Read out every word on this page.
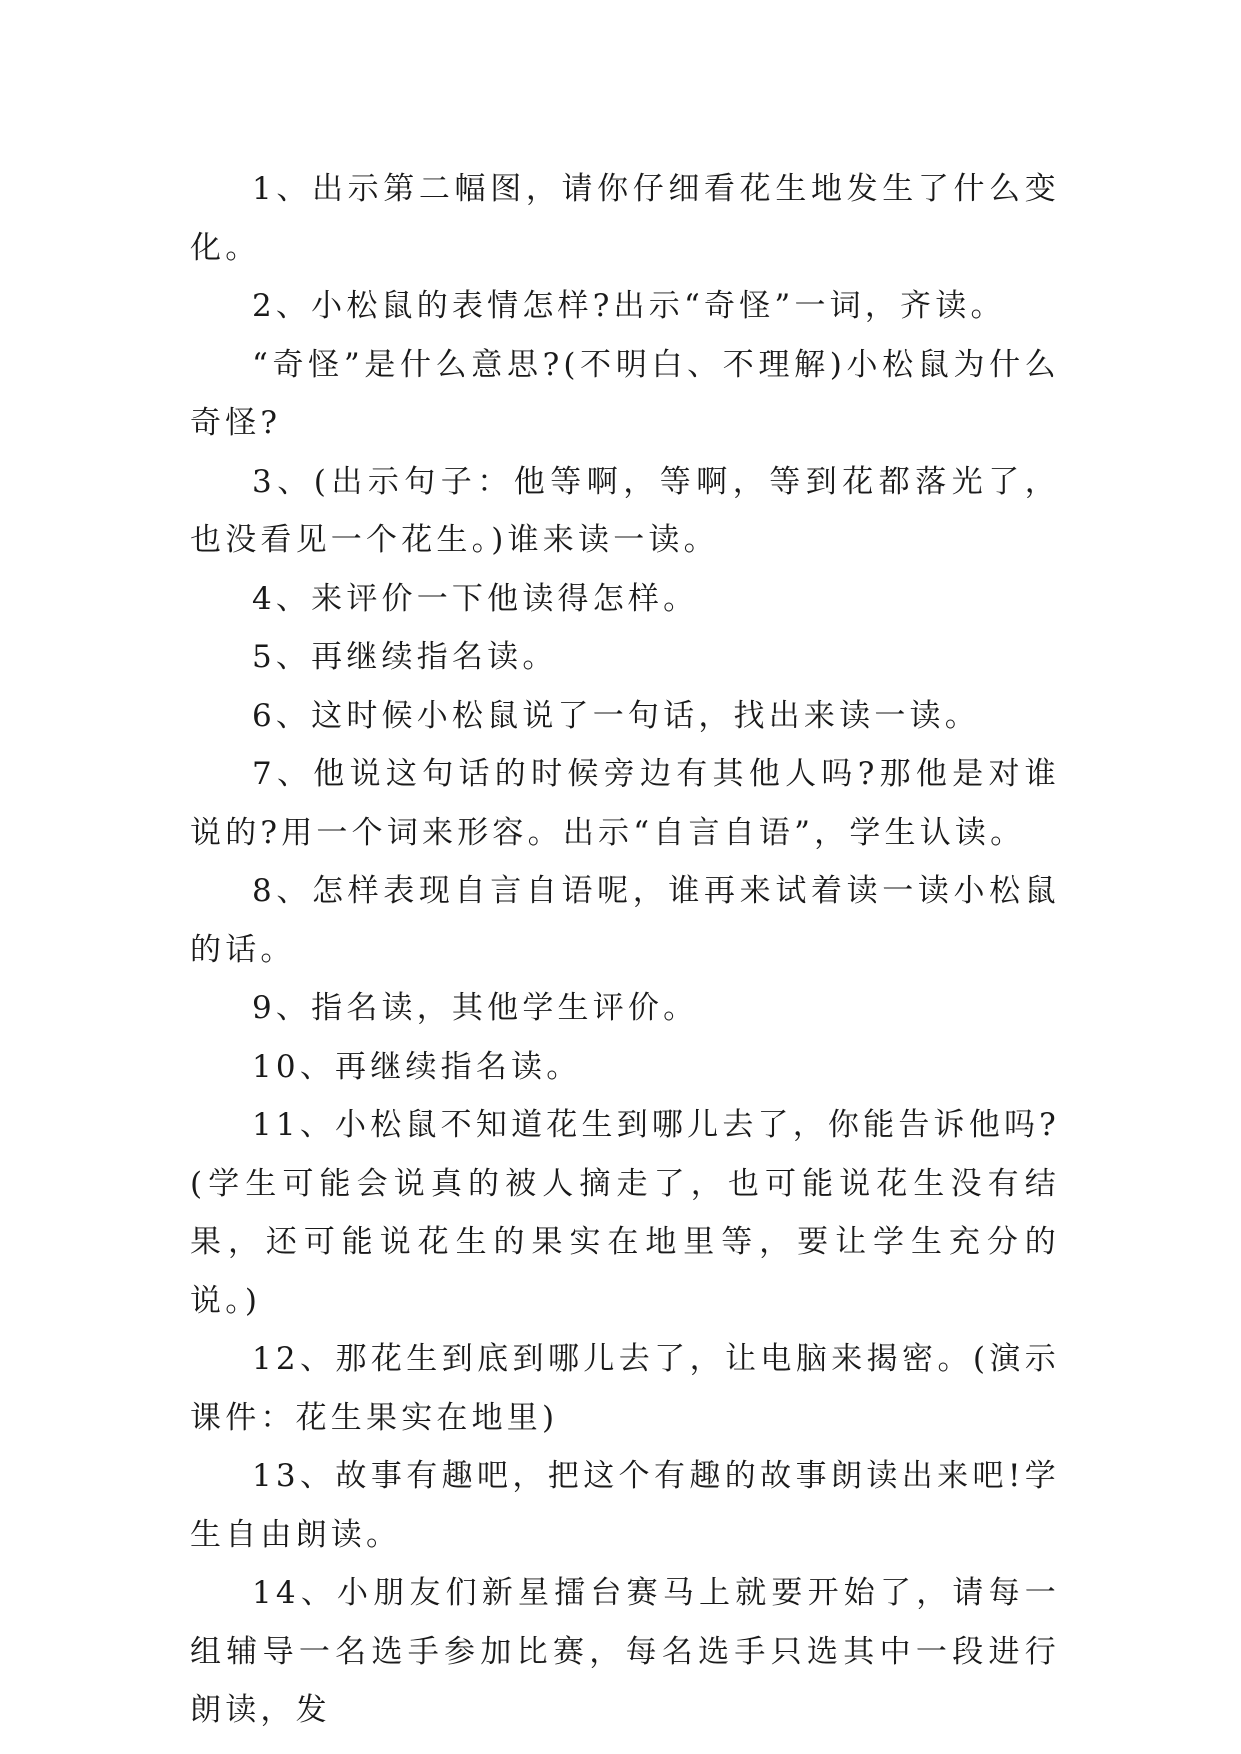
1、出示第二幅图，请你仔细看花生地发生了什么变化。

2、小松鼠的表情怎样?出示“奇怪”一词，齐读。

“奇怪”是什么意思?(不明白、不理解)小松鼠为什么奇怪?

3、(出示句子：他等啊，等啊，等到花都落光了，也没看见一个花生。)谁来读一读。

4、来评价一下他读得怎样。

5、再继续指名读。

6、这时候小松鼠说了一句话，找出来读一读。

7、他说这句话的时候旁边有其他人吗?那他是对谁说的?用一个词来形容。出示“自言自语”，学生认读。

8、怎样表现自言自语呢，谁再来试着读一读小松鼠的话。

9、指名读，其他学生评价。

10、再继续指名读。

11、小松鼠不知道花生到哪儿去了，你能告诉他吗?(学生可能会说真的被人摘走了，也可能说花生没有结果，还可能说花生的果实在地里等，要让学生充分的说。)

12、那花生到底到哪儿去了，让电脑来揭密。(演示课件：花生果实在地里)

13、故事有趣吧，把这个有趣的故事朗读出来吧!学生自由朗读。

14、小朋友们新星擂台赛马上就要开始了，请每一组辅导一名选手参加比赛，每名选手只选其中一段进行朗读，发
